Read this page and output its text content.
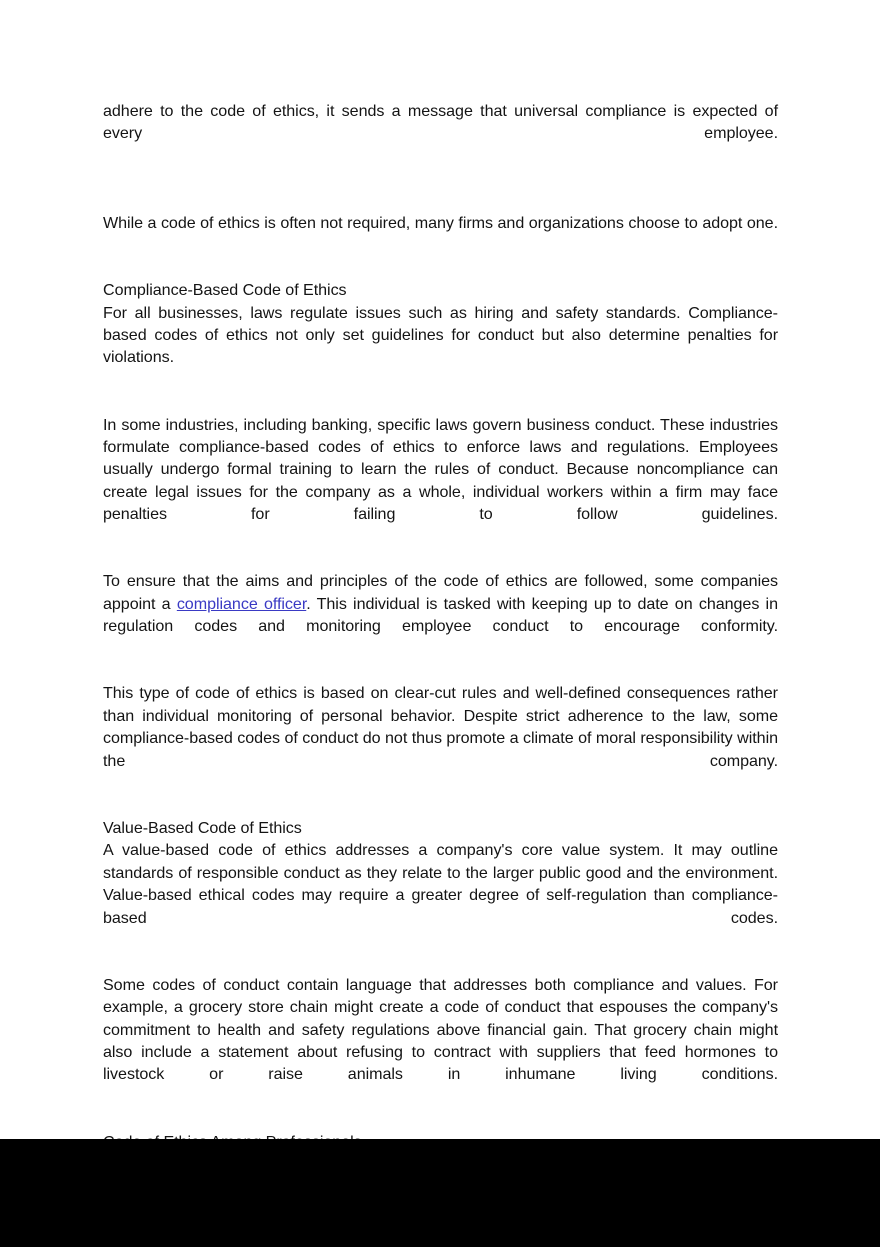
adhere to the code of ethics, it sends a message that universal compliance is expected of every employee.

While a code of ethics is often not required, many firms and organizations choose to adopt one.

Compliance-Based Code of Ethics

For all businesses, laws regulate issues such as hiring and safety standards. Compliance-based codes of ethics not only set guidelines for conduct but also determine penalties for violations.

In some industries, including banking, specific laws govern business conduct. These industries formulate compliance-based codes of ethics to enforce laws and regulations. Employees usually undergo formal training to learn the rules of conduct. Because noncompliance can create legal issues for the company as a whole, individual workers within a firm may face penalties for failing to follow guidelines.

To ensure that the aims and principles of the code of ethics are followed, some companies appoint a compliance officer. This individual is tasked with keeping up to date on changes in regulation codes and monitoring employee conduct to encourage conformity.

This type of code of ethics is based on clear-cut rules and well-defined consequences rather than individual monitoring of personal behavior. Despite strict adherence to the law, some compliance-based codes of conduct do not thus promote a climate of moral responsibility within the company.

Value-Based Code of Ethics

A value-based code of ethics addresses a company's core value system. It may outline standards of responsible conduct as they relate to the larger public good and the environment. Value-based ethical codes may require a greater degree of self-regulation than compliance-based codes.

Some codes of conduct contain language that addresses both compliance and values. For example, a grocery store chain might create a code of conduct that espouses the company's commitment to health and safety regulations above financial gain. That grocery chain might also include a statement about refusing to contract with suppliers that feed hormones to livestock or raise animals in inhumane living conditions.
